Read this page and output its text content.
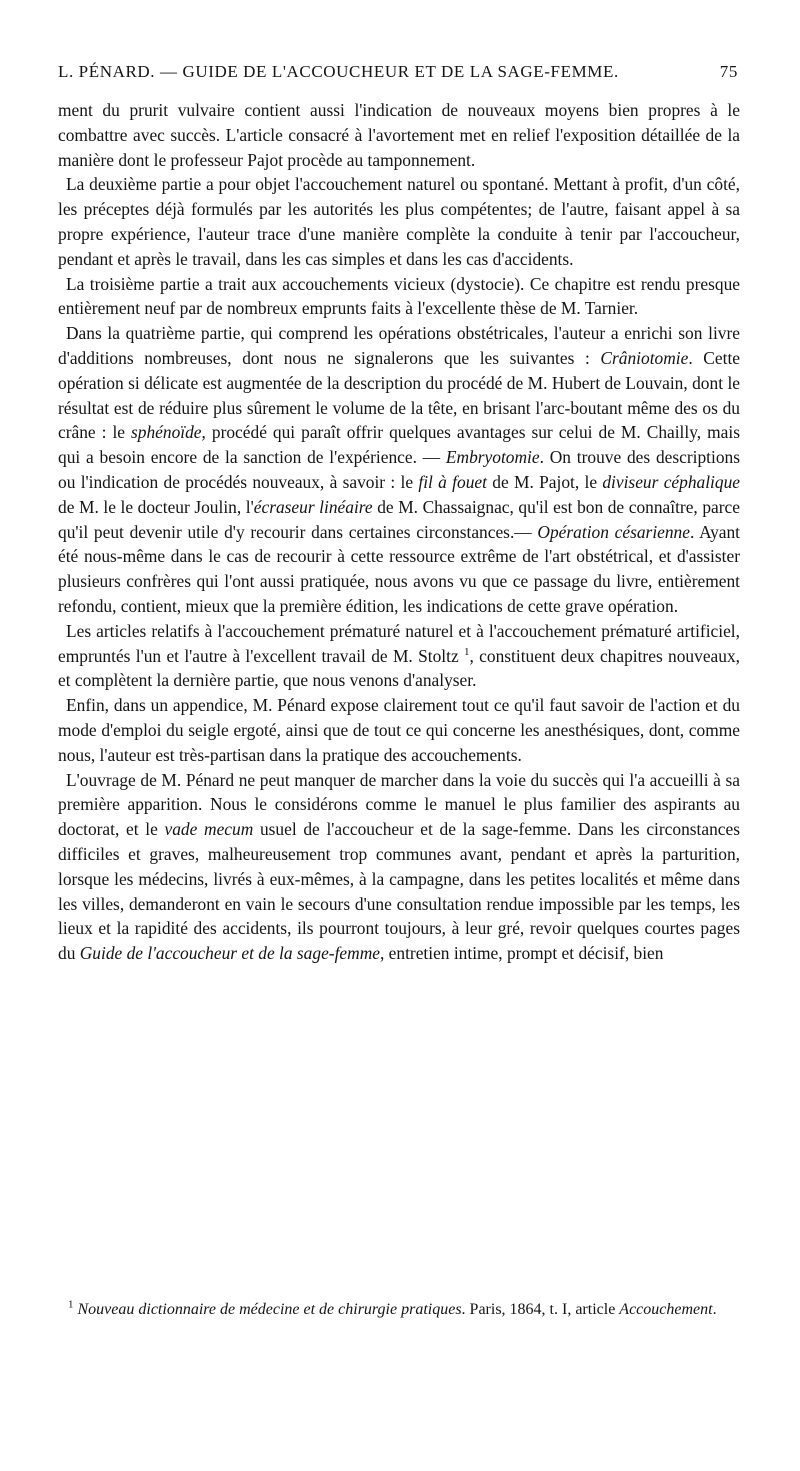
L. PÉNARD. — GUIDE DE L'ACCOUCHEUR ET DE LA SAGE-FEMME.	75

ment du prurit vulvaire contient aussi l'indication de nouveaux moyens bien propres à le combattre avec succès. L'article consacré à l'avortement met en relief l'exposition détaillée de la manière dont le professeur Pajot procède au tamponnement.

La deuxième partie a pour objet l'accouchement naturel ou spontané. Mettant à profit, d'un côté, les préceptes déjà formulés par les autorités les plus compétentes; de l'autre, faisant appel à sa propre expérience, l'auteur trace d'une manière complète la conduite à tenir par l'accoucheur, pendant et après le travail, dans les cas simples et dans les cas d'accidents.

La troisième partie a trait aux accouchements vicieux (dystocie). Ce chapitre est rendu presque entièrement neuf par de nombreux emprunts faits à l'excellente thèse de M. Tarnier.

Dans la quatrième partie, qui comprend les opérations obstétricales, l'auteur a enrichi son livre d'additions nombreuses, dont nous ne signalerons que les suivantes : Crâniotomie. Cette opération si délicate est augmentée de la description du procédé de M. Hubert de Louvain, dont le résultat est de réduire plus sûrement le volume de la tête, en brisant l'arc-boutant même des os du crâne : le sphénoïde, procédé qui paraît offrir quelques avantages sur celui de M. Chailly, mais qui a besoin encore de la sanction de l'expérience. — Embryotomie. On trouve des descriptions ou l'indication de procédés nouveaux, à savoir : le fil à fouet de M. Pajot, le diviseur céphalique de M. le le docteur Joulin, l'écraseur linéaire de M. Chassaignac, qu'il est bon de connaître, parce qu'il peut devenir utile d'y recourir dans certaines circonstances.— Opération césarienne. Ayant été nous-même dans le cas de recourir à cette ressource extrême de l'art obstétrical, et d'assister plusieurs confrères qui l'ont aussi pratiquée, nous avons vu que ce passage du livre, entièrement refondu, contient, mieux que la première édition, les indications de cette grave opération.

Les articles relatifs à l'accouchement prématuré naturel et à l'accouchement prématuré artificiel, empruntés l'un et l'autre à l'excellent travail de M. Stoltz $^1$, constituent deux chapitres nouveaux, et complètent la dernière partie, que nous venons d'analyser.

Enfin, dans un appendice, M. Pénard expose clairement tout ce qu'il faut savoir de l'action et du mode d'emploi du seigle ergoté, ainsi que de tout ce qui concerne les anesthésiques, dont, comme nous, l'auteur est très-partisan dans la pratique des accouchements.

L'ouvrage de M. Pénard ne peut manquer de marcher dans la voie du succès qui l'a accueilli à sa première apparition. Nous le considérons comme le manuel le plus familier des aspirants au doctorat, et le vade mecum usuel de l'accoucheur et de la sage-femme. Dans les circonstances difficiles et graves, malheureusement trop communes avant, pendant et après la parturition, lorsque les médecins, livrés à eux-mêmes, à la campagne, dans les petites localités et même dans les villes, demanderont en vain le secours d'une consultation rendue impossible par les temps, les lieux et la rapidité des accidents, ils pourront toujours, à leur gré, revoir quelques courtes pages du Guide de l'accoucheur et de la sage-femme, entretien intime, prompt et décisif, bien

$^1$ Nouveau dictionnaire de médecine et de chirurgie pratiques. Paris, 1864, t. I, article Accouchement.
